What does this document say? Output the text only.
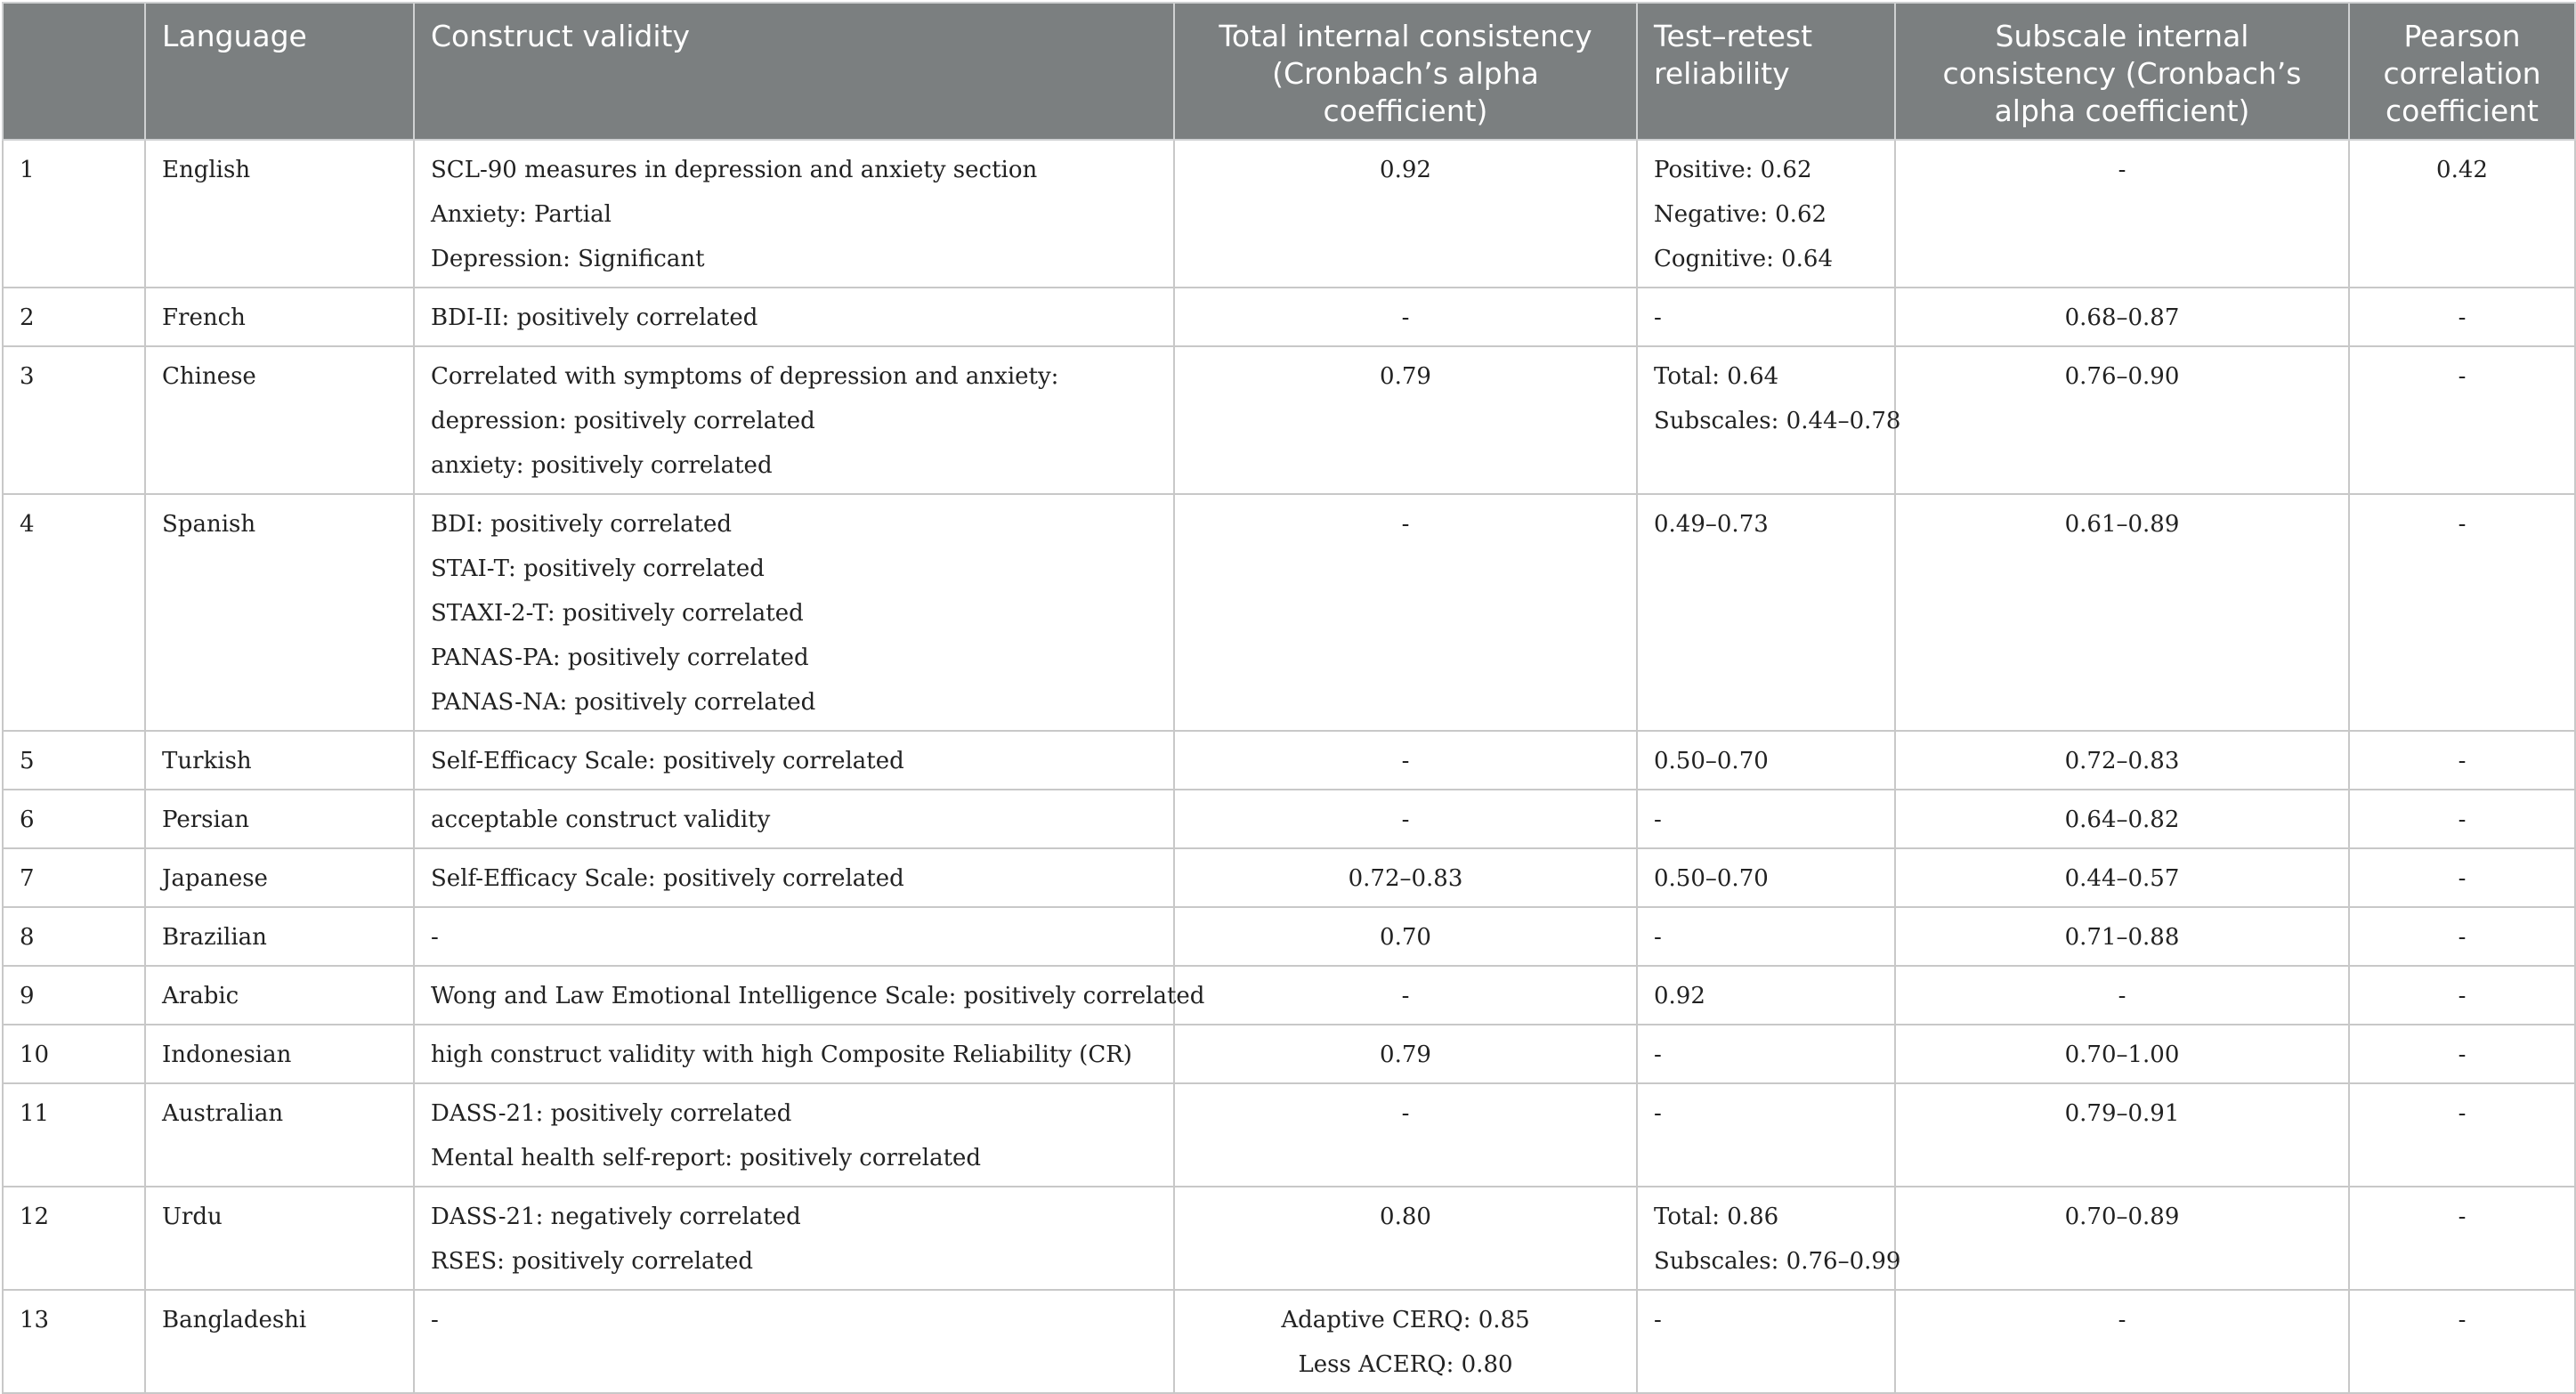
	Language	Construct validity	Total internal consistency (Cronbach’s alpha coefficient)	Test–retest reliability	Subscale internal consistency (Cronbach’s alpha coefficient)	Pearson correlation coefficient
1	English	SCL-90 measures in depression and anxiety section
Anxiety: Partial
Depression: Significant	0.92	Positive: 0.62
Negative: 0.62
Cognitive: 0.64	-	0.42

2	French	BDI-II: positively correlated	-	-	0.68–0.87	-

3	Chinese	Correlated with symptoms of depression and anxiety:
depression: positively correlated
anxiety: positively correlated	0.79	Total: 0.64
Subscales: 0.44–0.78	0.76–0.90	-

4	Spanish	BDI: positively correlated
STAI-T: positively correlated
STAXI-2-T: positively correlated
PANAS-PA: positively correlated
PANAS-NA: positively correlated	-	0.49–0.73	0.61–0.89	-

5	Turkish	Self-Efficacy Scale: positively correlated	-	0.50–0.70	0.72–0.83	-

6	Persian	acceptable construct validity	-	-	0.64–0.82	-

7	Japanese	Self-Efficacy Scale: positively correlated	0.72–0.83	0.50–0.70	0.44–0.57	-

8	Brazilian	-	0.70	-	0.71–0.88	-

9	Arabic	Wong and Law Emotional Intelligence Scale: positively correlated	-	0.92	-	-

10	Indonesian	high construct validity with high Composite Reliability (CR)	0.79	-	0.70–1.00	-

11	Australian	DASS-21: positively correlated
Mental health self-report: positively correlated	-	-	0.79–0.91	-

12	Urdu	DASS-21: negatively correlated
RSES: positively correlated	0.80	Total: 0.86
Subscales: 0.76–0.99	0.70–0.89	-

13	Bangladeshi	-	Adaptive CERQ: 0.85
Less ACERQ: 0.80	-	-	-
